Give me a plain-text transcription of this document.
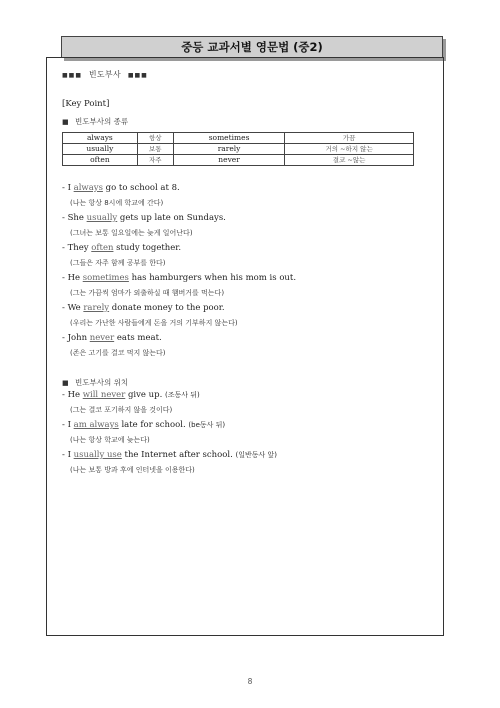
중등 교과서별 영문법 (중2)
■■■ 빈도부사 ■■■
[Key Point]
■ 빈도부사의 종류
always	항상	sometimes	가끔
usually	보통	rarely	거의 ~하지 않는
often	자주	never	결코 ~않는
- I always go to school at 8.
(나는 항상 8시에 학교에 간다)
- She usually gets up late on Sundays.
(그녀는 보통 일요일에는 늦게 일어난다)
- They often study together.
(그들은 자주 함께 공부를 한다)
- He sometimes has hamburgers when his mom is out.
(그는 가끔씩 엄마가 외출하실 때 햄버거를 먹는다)
- We rarely donate money to the poor.
(우리는 가난한 사람들에게 돈을 거의 기부하지 않는다)
- John never eats meat.
(존은 고기를 결코 먹지 않는다)
■ 빈도부사의 위치
- He will never give up. (조동사 뒤)
(그는 결코 포기하지 않을 것이다)
- I am always late for school. (be동사 뒤)
(나는 항상 학교에 늦는다)
- I usually use the Internet after school. (일반동사 앞)
(나는 보통 방과 후에 인터넷을 이용한다)
8
